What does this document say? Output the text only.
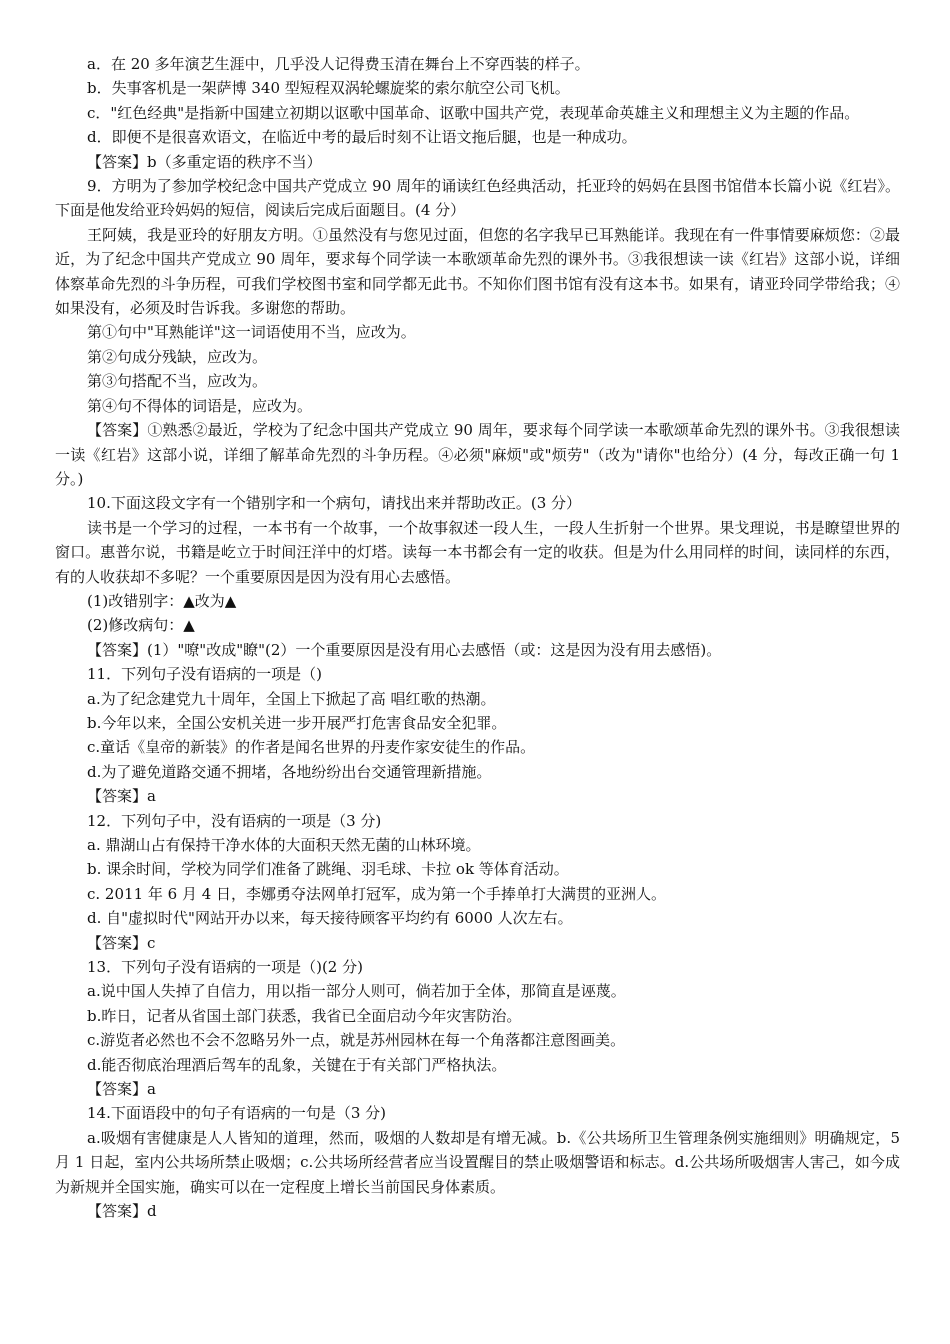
a．在 20 多年演艺生涯中，几乎没人记得费玉清在舞台上不穿西装的样子。

b．失事客机是一架萨博 340 型短程双涡轮螺旋桨的索尔航空公司飞机。

c．"红色经典"是指新中国建立初期以讴歌中国革命、讴歌中国共产党，表现革命英雄主义和理想主义为主题的作品。

d．即便不是很喜欢语文，在临近中考的最后时刻不让语文拖后腿，也是一种成功。

【答案】b（多重定语的秩序不当）

9．方明为了参加学校纪念中国共产党成立 90 周年的诵读红色经典活动，托亚玲的妈妈在县图书馆借本长篇小说《红岩》。下面是他发给亚玲妈妈的短信，阅读后完成后面题目。(4 分）

王阿姨，我是亚玲的好朋友方明。①虽然没有与您见过面，但您的名字我早已耳熟能详。我现在有一件事情要麻烦您：②最近，为了纪念中国共产党成立 90 周年，要求每个同学读一本歌颂革命先烈的课外书。③我很想读一读《红岩》这部小说，详细体察革命先烈的斗争历程，可我们学校图书室和同学都无此书。不知你们图书馆有没有这本书。如果有，请亚玲同学带给我；④如果没有，必须及时告诉我。多谢您的帮助。

第①句中"耳熟能详"这一词语使用不当，应改为。

第②句成分残缺，应改为。

第③句搭配不当，应改为。

第④句不得体的词语是，应改为。

【答案】①熟悉②最近，学校为了纪念中国共产党成立 90 周年，要求每个同学读一本歌颂革命先烈的课外书。③我很想读一读《红岩》这部小说，详细了解革命先烈的斗争历程。④必须"麻烦"或"烦劳"（改为"请你"也给分）(4 分，每改正确一句 1 分。)

10.下面这段文字有一个错别字和一个病句，请找出来并帮助改正。(3 分）

读书是一个学习的过程，一本书有一个故事，一个故事叙述一段人生，一段人生折射一个世界。果戈理说，书是瞭望世界的窗口。惠普尔说，书籍是屹立于时间汪洋中的灯塔。读每一本书都会有一定的收获。但是为什么用同样的时间，读同样的东西，有的人收获却不多呢？一个重要原因是因为没有用心去感悟。

(1)改错别字：▲改为▲

(2)修改病句：▲

【答案】(1）"嘹"改成"瞭"(2）一个重要原因是没有用心去感悟（或：这是因为没有用去感悟)。

11．下列句子没有语病的一项是（)

a.为了纪念建党九十周年，全国上下掀起了高 唱红歌的热潮。

b.今年以来，全国公安机关进一步开展严打危害食品安全犯罪。

c.童话《皇帝的新装》的作者是闻名世界的丹麦作家安徒生的作品。

d.为了避免道路交通不拥堵，各地纷纷出台交通管理新措施。

【答案】a

12．下列句子中，没有语病的一项是（3 分)

a. 鼎湖山占有保持干净水体的大面积天然无菌的山林环境。

b. 课余时间，学校为同学们准备了跳绳、羽毛球、卡拉 ok 等体育活动。

c. 2011 年 6 月 4 日，李娜勇夺法网单打冠军，成为第一个手捧单打大满贯的亚洲人。

d. 自"虚拟时代"网站开办以来，每天接待顾客平均约有 6000 人次左右。

【答案】c

13．下列句子没有语病的一项是（)(2 分)

a.说中国人失掉了自信力，用以指一部分人则可，倘若加于全体，那简直是诬蔑。

b.昨日，记者从省国土部门获悉，我省已全面启动今年灾害防治。

c.游览者必然也不会不忽略另外一点，就是苏州园林在每一个角落都注意图画美。

d.能否彻底治理酒后驾车的乱象，关键在于有关部门严格执法。

【答案】a

14.下面语段中的句子有语病的一句是（3 分)

a.吸烟有害健康是人人皆知的道理，然而，吸烟的人数却是有增无减。b.《公共场所卫生管理条例实施细则》明确规定，5 月 1 日起，室内公共场所禁止吸烟；c.公共场所经营者应当设置醒目的禁止吸烟警语和标志。d.公共场所吸烟害人害己，如今成为新规并全国实施，确实可以在一定程度上增长当前国民身体素质。

【答案】d
